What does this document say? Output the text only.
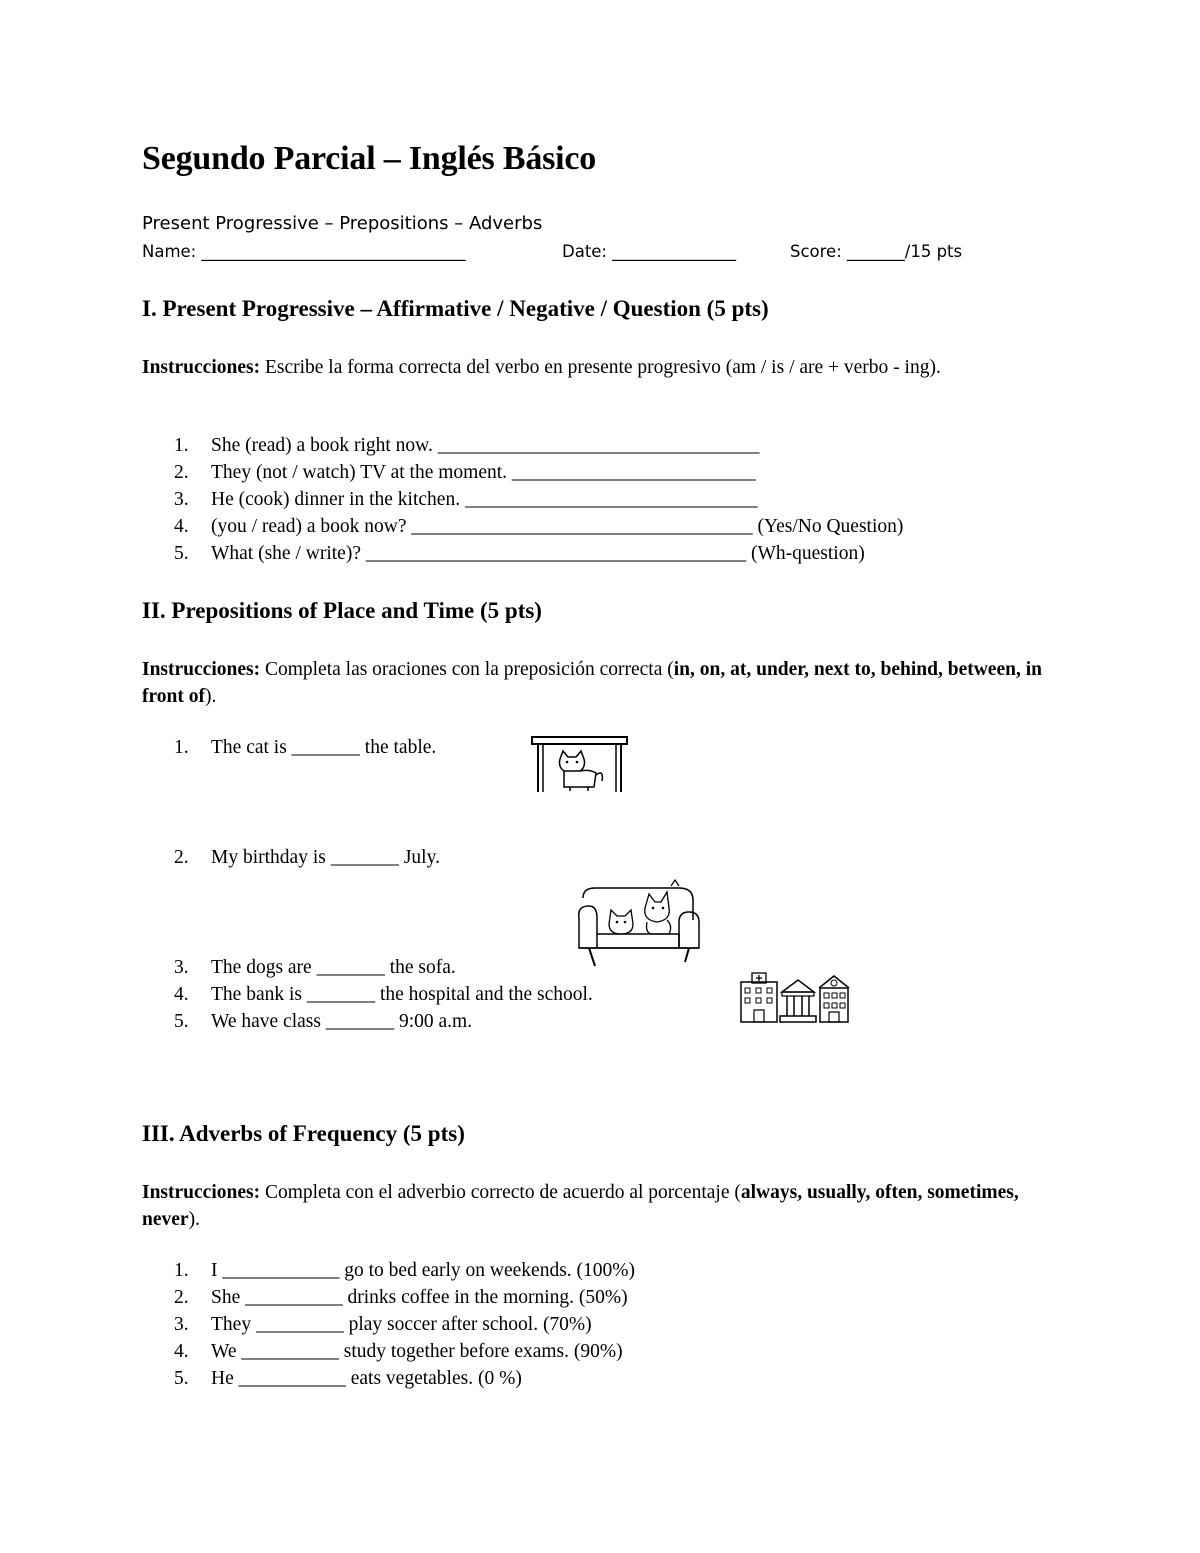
Segundo Parcial – Inglés Básico
Present Progressive – Prepositions – Adverbs
Name: ________________________________	Date: _______________	Score: _______/15 pts
I. Present Progressive – Affirmative / Negative / Question (5 pts)
Instrucciones: Escribe la forma correcta del verbo en presente progresivo (am / is / are + verbo - ing).
1. She (read) a book right now. _________________________________
2. They (not / watch) TV at the moment. _________________________
3. He (cook) dinner in the kitchen. ______________________________
4. (you / read) a book now? ___________________________________ (Yes/No Question)
5. What (she / write)? _______________________________________ (Wh-question)
II. Prepositions of Place and Time (5 pts)
Instrucciones: Completa las oraciones con la preposición correcta (in, on, at, under, next to, behind, between, in front of).
1. The cat is _______ the table.
2. My birthday is _______ July.
3. The dogs are _______ the sofa.
4. The bank is _______ the hospital and the school.
5. We have class _______ 9:00 a.m.
III. Adverbs of Frequency (5 pts)
Instrucciones: Completa con el adverbio correcto de acuerdo al porcentaje (always, usually, often, sometimes, never).
1. I ____________ go to bed early on weekends. (100%)
2. She __________ drinks coffee in the morning. (50%)
3. They _________ play soccer after school. (70%)
4. We __________ study together before exams. (90%)
5. He ___________ eats vegetables. (0 %)
